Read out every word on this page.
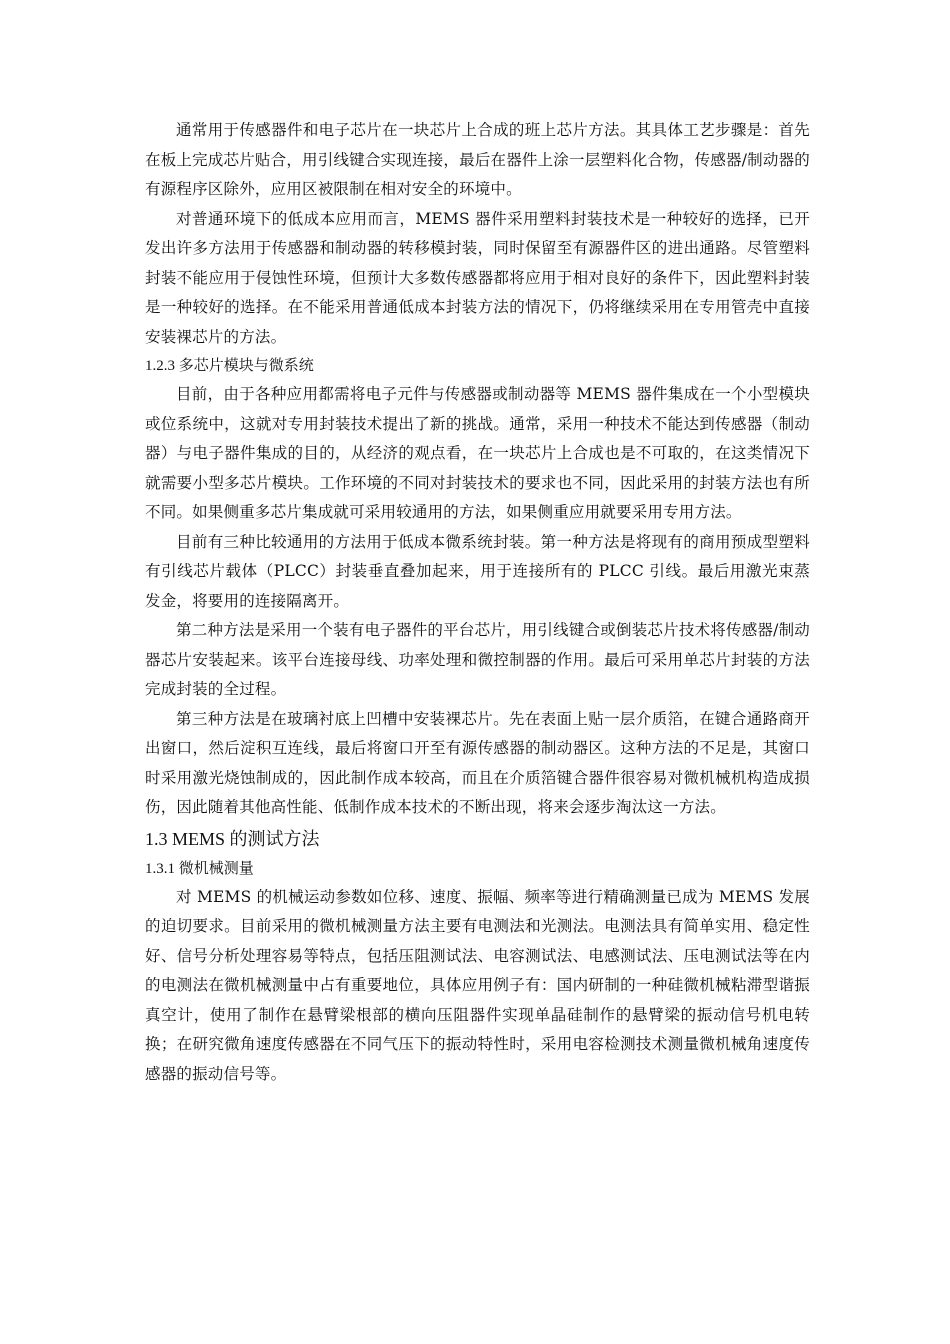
通常用于传感器件和电子芯片在一块芯片上合成的班上芯片方法。其具体工艺步骤是：首先在板上完成芯片贴合，用引线键合实现连接，最后在器件上涂一层塑料化合物，传感器/制动器的有源程序区除外，应用区被限制在相对安全的环境中。

对普通环境下的低成本应用而言，MEMS 器件采用塑料封装技术是一种较好的选择，已开发出许多方法用于传感器和制动器的转移模封装，同时保留至有源器件区的进出通路。尽管塑料封装不能应用于侵蚀性环境，但预计大多数传感器都将应用于相对良好的条件下，因此塑料封装是一种较好的选择。在不能采用普通低成本封装方法的情况下，仍将继续采用在专用管壳中直接安装裸芯片的方法。

1.2.3 多芯片模块与微系统

目前，由于各种应用都需将电子元件与传感器或制动器等 MEMS 器件集成在一个小型模块或位系统中，这就对专用封装技术提出了新的挑战。通常，采用一种技术不能达到传感器（制动器）与电子器件集成的目的，从经济的观点看，在一块芯片上合成也是不可取的，在这类情况下就需要小型多芯片模块。工作环境的不同对封装技术的要求也不同，因此采用的封装方法也有所不同。如果侧重多芯片集成就可采用较通用的方法，如果侧重应用就要采用专用方法。

目前有三种比较通用的方法用于低成本微系统封装。第一种方法是将现有的商用预成型塑料有引线芯片载体（PLCC）封装垂直叠加起来，用于连接所有的 PLCC 引线。最后用激光束蒸发金，将要用的连接隔离开。

第二种方法是采用一个装有电子器件的平台芯片，用引线键合或倒装芯片技术将传感器/制动器芯片安装起来。该平台连接母线、功率处理和微控制器的作用。最后可采用单芯片封装的方法完成封装的全过程。

第三种方法是在玻璃衬底上凹槽中安装裸芯片。先在表面上贴一层介质箔，在键合通路商开出窗口，然后淀积互连线，最后将窗口开至有源传感器的制动器区。这种方法的不足是，其窗口时采用激光烧蚀制成的，因此制作成本较高，而且在介质箔键合器件很容易对微机械机构造成损伤，因此随着其他高性能、低制作成本技术的不断出现，将来会逐步淘汰这一方法。

1.3 MEMS 的测试方法

1.3.1 微机械测量

对 MEMS 的机械运动参数如位移、速度、振幅、频率等进行精确测量已成为 MEMS 发展的迫切要求。目前采用的微机械测量方法主要有电测法和光测法。电测法具有简单实用、稳定性好、信号分析处理容易等特点，包括压阻测试法、电容测试法、电感测试法、压电测试法等在内的电测法在微机械测量中占有重要地位，具体应用例子有：国内研制的一种硅微机械粘滞型谐振真空计，使用了制作在悬臂梁根部的横向压阻器件实现单晶硅制作的悬臂梁的振动信号机电转换；在研究微角速度传感器在不同气压下的振动特性时，采用电容检测技术测量微机械角速度传感器的振动信号等。
